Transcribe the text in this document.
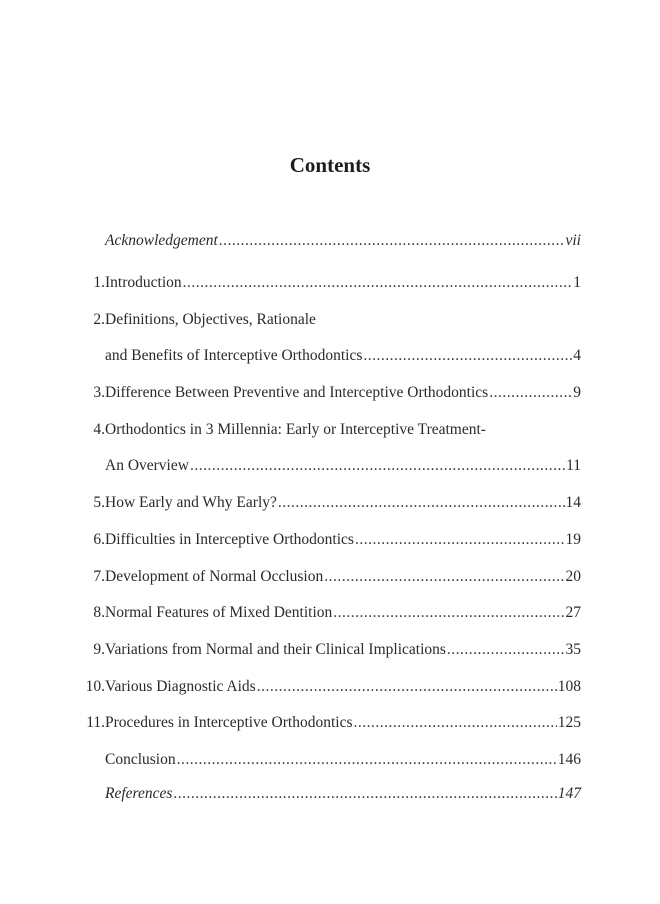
Contents
Acknowledgement .....	vii
1. Introduction .....	1
2. Definitions, Objectives, Rationale
and Benefits of Interceptive Orthodontics .....	4
3. Difference Between Preventive and Interceptive Orthodontics .....	9
4. Orthodontics in 3 Millennia: Early or Interceptive Treatment-
An Overview .....	11
5. How Early and Why Early? .....	14
6. Difficulties in Interceptive Orthodontics .....	19
7. Development of Normal Occlusion .....	20
8. Normal Features of Mixed Dentition .....	27
9. Variations from Normal and their Clinical Implications .....	35
10. Various Diagnostic Aids .....	108
11. Procedures in Interceptive Orthodontics .....	125
Conclusion .....	146
References .....	147
